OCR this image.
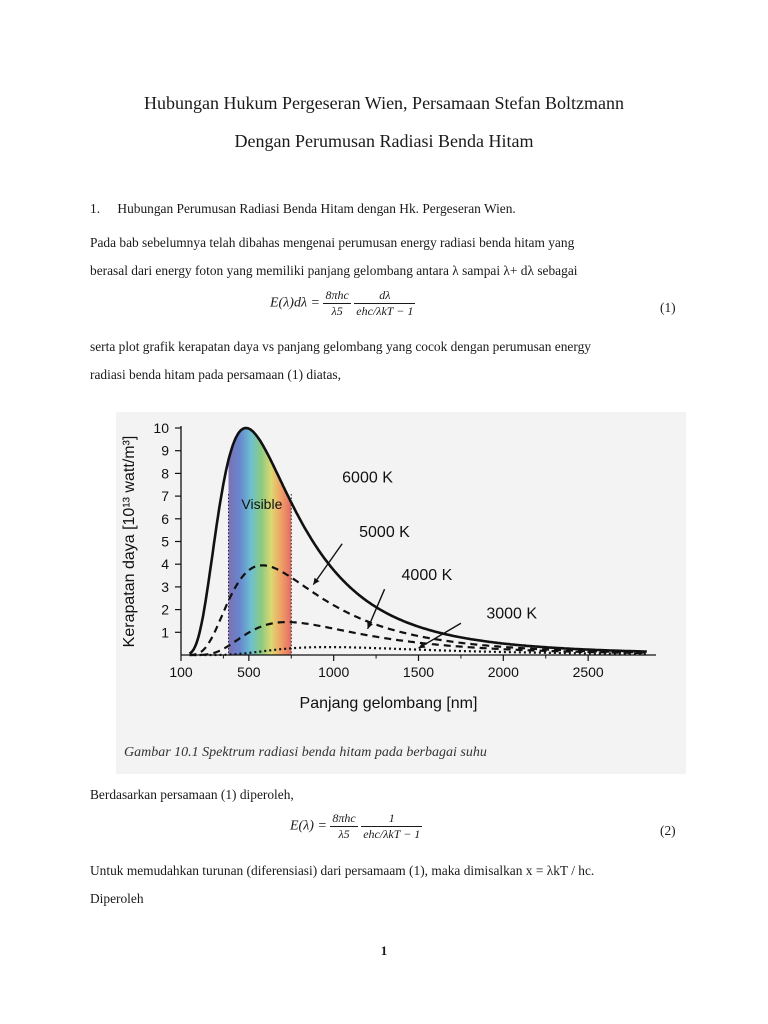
Hubungan Hukum Pergeseran Wien, Persamaan Stefan Boltzmann
Dengan Perumusan Radiasi Benda Hitam
1. Hubungan Perumusan Radiasi Benda Hitam dengan Hk. Pergeseran Wien.
Pada bab sebelumnya telah dibahas mengenai perumusan energy radiasi benda hitam yang
berasal dari energy foton yang memiliki panjang gelombang antara λ sampai λ+ dλ sebagai
$E(\lambda)d\lambda = \frac{\text{8πhc}}{\lambda 5}$
$\frac{d\lambda}{\text{ehc/λkT − 1}}$	(1)
serta plot grafik kerapatan daya vs panjang gelombang yang cocok dengan perumusan energy
radiasi benda hitam pada persamaan (1) diatas,
100	500	1000	1500	2000	2500
1
2
3
4
5
6
7
8
9
10
Panjang gelombang [nm]
Kerapatan daya [10¹³ watt/m³]	Visible
6000 K
5000 K
4000 K
3000 K
Gambar 10.1 Spektrum radiasi benda hitam pada berbagai suhu
Berdasarkan persamaan (1) diperoleh,
$E(\lambda) = \frac{\text{8πhc}}{\lambda 5}$
$\frac{1}{\text{ehc/λkT − 1}}$	(2)
Untuk memudahkan turunan (diferensiasi) dari persamaam (1), maka dimisalkan x = λkT / hc.
Diperoleh
1
